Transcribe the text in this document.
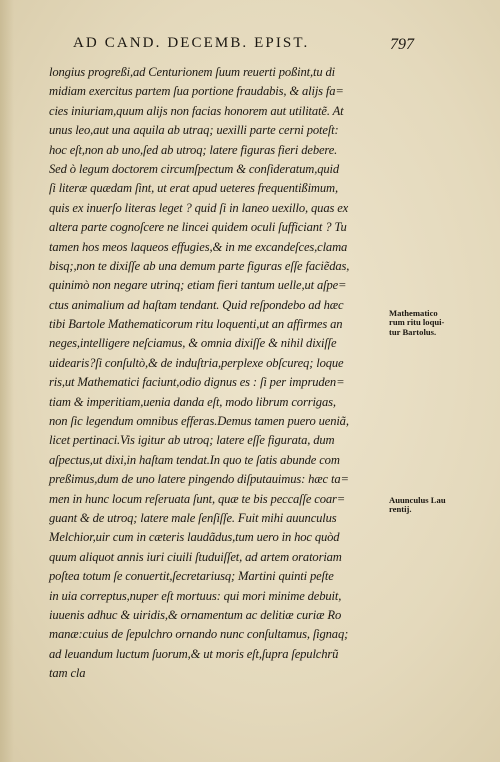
AD CAND. DECEMB. EPIST.	797
longius progreßi,ad Centurionem ſuum reuerti poßint,tu di
midiam exercitus partem ſua portione fraudabis, & alijs fa=
cies iniuriam,quum alijs non facias honorem aut utilitatẽ. At
unus leo,aut una aquila ab utraq; uexilli parte cerni poteſt:
hoc eſt,non ab uno,ſed ab utroq; latere figuras fieri debere.
Sed ò legum doctorem circumſpectum & conſideratum,quid
ſi literæ quædam ſint, ut erat apud ueteres frequentißimum,
quis ex inuerſo literas leget ? quid ſi in laneo uexillo, quas ex
altera parte cognoſcere ne lincei quidem oculi ſufficiant ? Tu
tamen hos meos laqueos effugies,& in me excandeſces,clama
bisq;,non te dixiſſe ab una demum parte figuras eſſe faciẽdas,
quinimò non negare utrinq; etiam fieri tantum uelle,ut aſpe=
ctus animalium ad haſtam tendant. Quid reſpondebo ad hæc
tibi Bartole Mathematicorum ritu loquenti,ut an affirmes an
neges,intelligere neſciamus, & omnia dixiſſe & nihil dixiſſe
uidearis?ſi conſultò,& de induſtria,perplexe obſcureq; loque
ris,ut Mathematici faciunt,odio dignus es : ſi per impruden=
tiam & imperitiam,uenia danda eſt, modo librum corrigas,
non ſic legendum omnibus efferas.Demus tamen puero ueniã,
licet pertinaci.Vis igitur ab utroq; latere eſſe figurata, dum
aſpectus,ut dixi,in haſtam tendat.In quo te ſatis abunde com
preßimus,dum de uno latere pingendo diſputauimus: hæc ta=
men in hunc locum reſeruata ſunt, quæ te bis peccaſſe coar=
guant & de utroq; latere male ſenſiſſe. Fuit mihi auunculus
Melchior,uir cum in cæteris laudãdus,tum uero in hoc quòd
quum aliquot annis iuri ciuili ſtuduiſſet, ad artem oratoriam
poſtea totum ſe conuertit,ſecretariusq; Martini quinti peſte
in uia correptus,nuper eſt mortuus: qui mori minime debuit,
iuuenis adhuc & uiridis,& ornamentum ac delitiæ curiæ Ro
manæ:cuius de ſepulchro ornando nunc conſultamus, ſignaq;
ad leuandum luctum ſuorum,& ut moris eſt,ſupra ſepulchrũ
tam cla
Mathematico
rum ritu loqui-
tur Bartolus.
Auunculus Lau
rentij.
